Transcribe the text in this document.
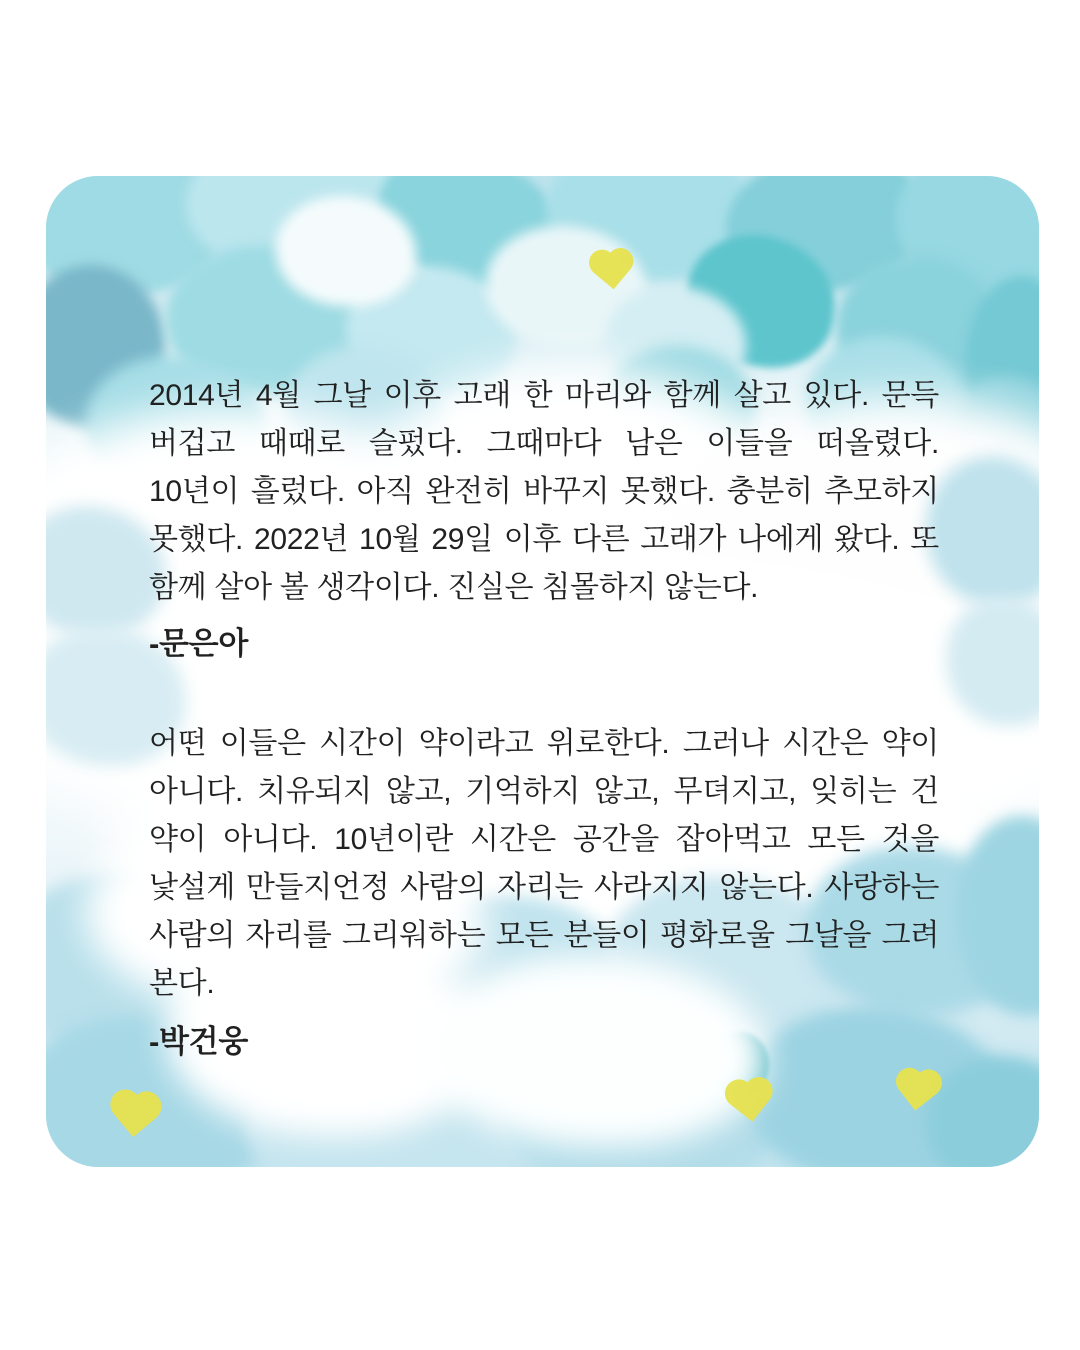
2014년 4월 그날 이후 고래 한 마리와 함께 살고 있다. 문득 버겁고 때때로 슬펐다. 그때마다 남은 이들을 떠올렸다. 10년이 흘렀다. 아직 완전히 바꾸지 못했다. 충분히 추모하지 못했다. 2022년 10월 29일 이후 다른 고래가 나에게 왔다. 또 함께 살아 볼 생각이다. 진실은 침몰하지 않는다.

-문은아

어떤 이들은 시간이 약이라고 위로한다. 그러나 시간은 약이 아니다. 치유되지 않고, 기억하지 않고, 무뎌지고, 잊히는 건 약이 아니다. 10년이란 시간은 공간을 잡아먹고 모든 것을 낯설게 만들지언정 사람의 자리는 사라지지 않는다. 사랑하는 사람의 자리를 그리워하는 모든 분들이 평화로울 그날을 그려 본다.

-박건웅
